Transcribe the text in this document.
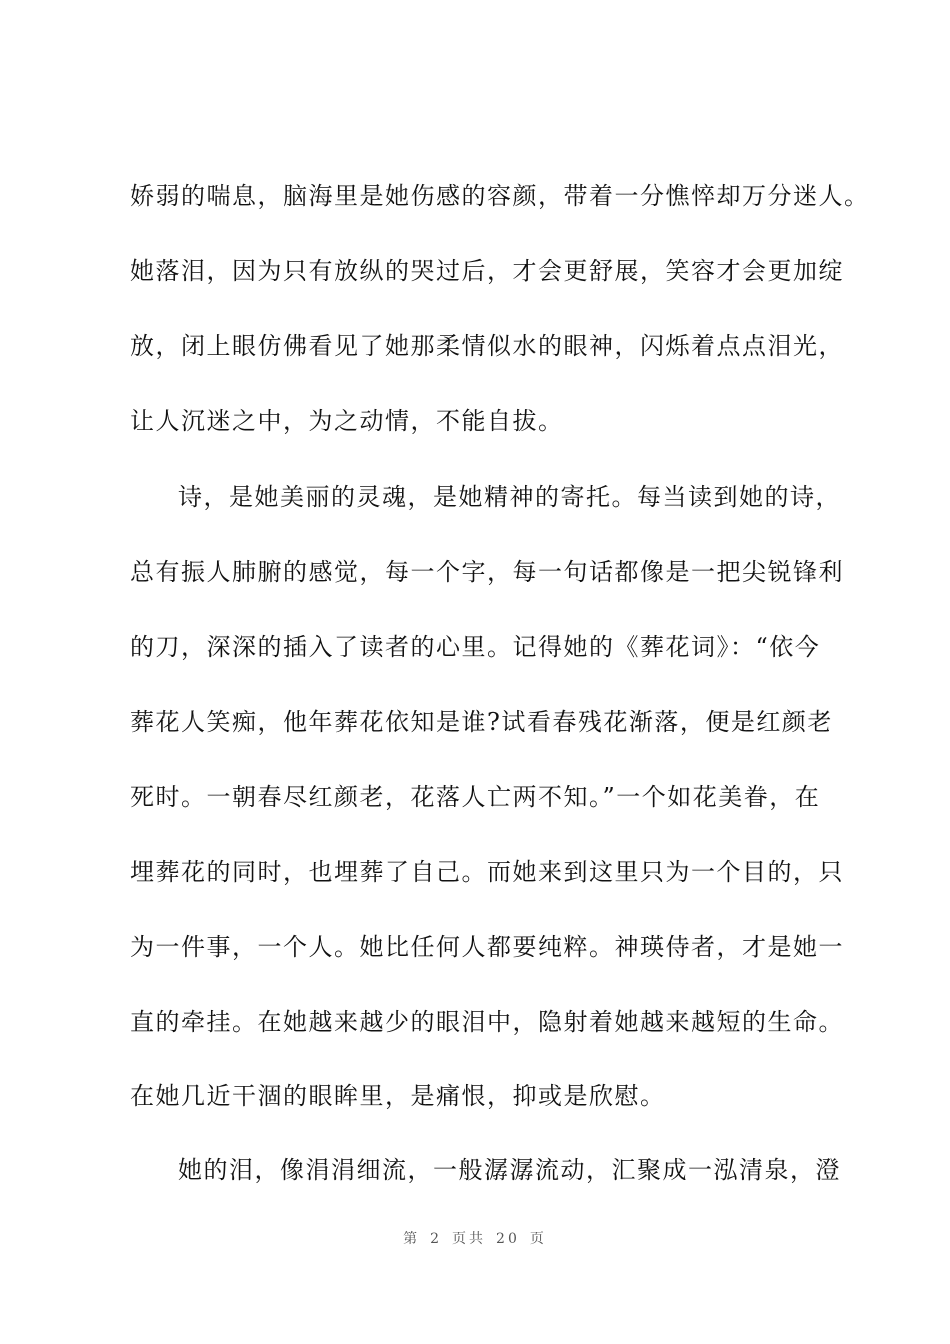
娇弱的喘息，脑海里是她伤感的容颜，带着一分憔悴却万分迷人。
她落泪，因为只有放纵的哭过后，才会更舒展，笑容才会更加绽
放，闭上眼仿佛看见了她那柔情似水的眼神，闪烁着点点泪光，
让人沉迷之中，为之动情，不能自拔。
诗，是她美丽的灵魂，是她精神的寄托。每当读到她的诗，
总有振人肺腑的感觉，每一个字，每一句话都像是一把尖锐锋利
的刀，深深的插入了读者的心里。记得她的《葬花词》：“依今
葬花人笑痴，他年葬花依知是谁?试看春残花渐落，便是红颜老
死时。一朝春尽红颜老，花落人亡两不知。”一个如花美眷，在
埋葬花的同时，也埋葬了自己。而她来到这里只为一个目的，只
为一件事，一个人。她比任何人都要纯粹。神瑛侍者，才是她一
直的牵挂。在她越来越少的眼泪中，隐射着她越来越短的生命。
在她几近干涸的眼眸里，是痛恨，抑或是欣慰。
她的泪，像涓涓细流，一般潺潺流动，汇聚成一泓清泉，澄
第 2 页共 20 页
